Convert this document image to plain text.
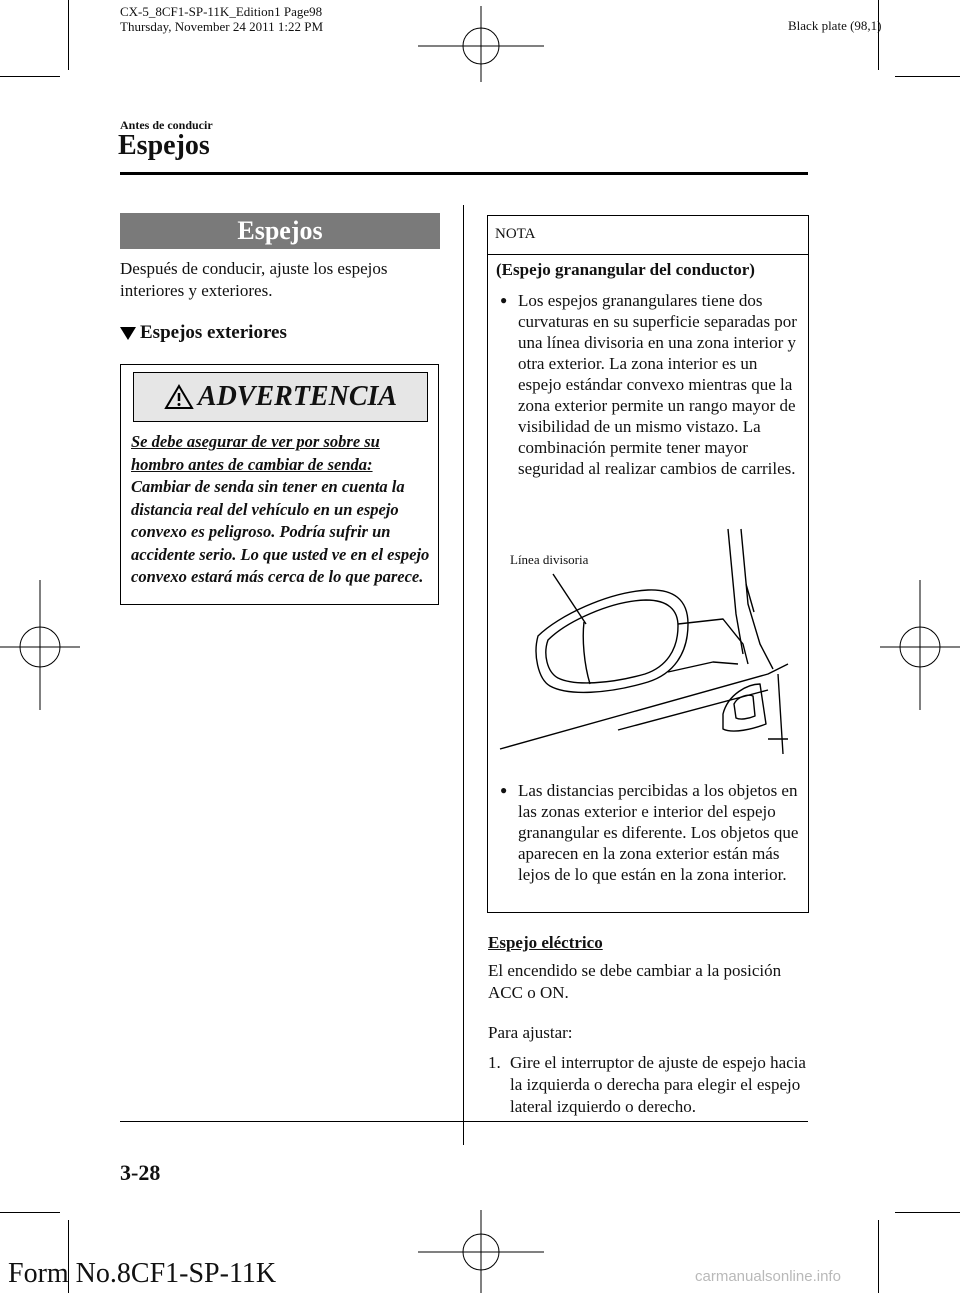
CX-5_8CF1-SP-11K_Edition1 Page98
Thursday, November 24 2011 1:22 PM	Black plate (98,1)
Antes de conducir
Espejos
Espejos
Después de conducir, ajuste los espejos interiores y exteriores.
Espejos exteriores
ADVERTENCIA
Se debe asegurar de ver por sobre su hombro antes de cambiar de senda:
Cambiar de senda sin tener en cuenta la distancia real del vehículo en un espejo convexo es peligroso. Podría sufrir un accidente serio. Lo que usted ve en el espejo convexo estará más cerca de lo que parece.
NOTA
(Espejo granangular del conductor)
● Los espejos granangulares tiene dos curvaturas en su superficie separadas por una línea divisoria en una zona interior y otra exterior. La zona interior es un espejo estándar convexo mientras que la zona exterior permite un rango mayor de visibilidad de un mismo vistazo. La combinación permite tener mayor seguridad al realizar cambios de carriles.
Línea divisoria
● Las distancias percibidas a los objetos en las zonas exterior e interior del espejo granangular es diferente. Los objetos que aparecen en la zona exterior están más lejos de lo que están en la zona interior.
Espejo eléctrico
El encendido se debe cambiar a la posición ACC o ON.
Para ajustar:
1. Gire el interruptor de ajuste de espejo hacia la izquierda o derecha para elegir el espejo lateral izquierdo o derecho.
3-28
Form No.8CF1-SP-11K	carmanualsonline.info
